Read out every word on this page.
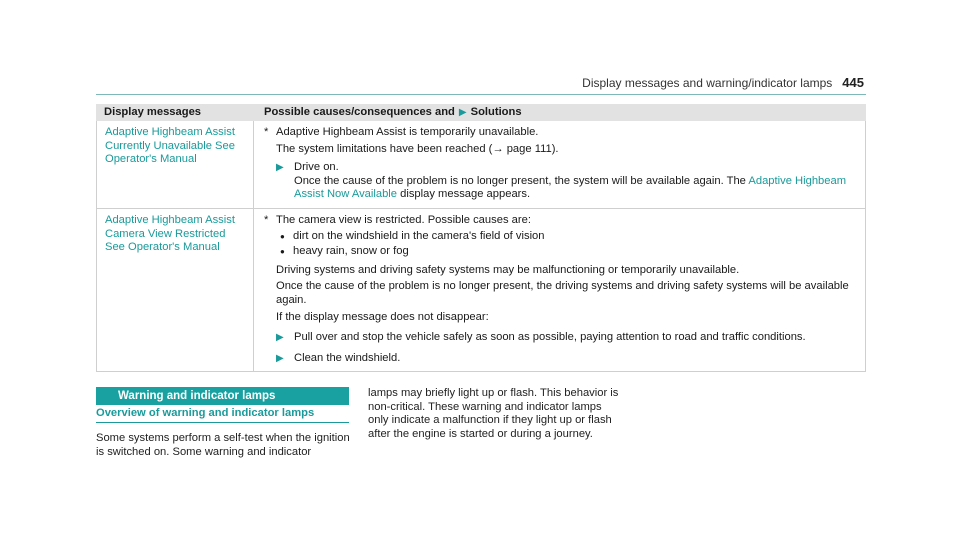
Display messages and warning/indicator lamps 445
Display messages	Possible causes/consequences and ▶ Solutions
Adaptive Highbeam Assist Currently Unavailable See Operator's Manual
* Adaptive Highbeam Assist is temporarily unavailable.
The system limitations have been reached (→ page 111).
▶ Drive on.
Once the cause of the problem is no longer present, the system will be available again. The Adaptive Highbeam Assist Now Available display message appears.
Adaptive Highbeam Assist Camera View Restricted See Operator's Manual
* The camera view is restricted. Possible causes are:
● dirt on the windshield in the camera's field of vision
● heavy rain, snow or fog
Driving systems and driving safety systems may be malfunctioning or temporarily unavailable.
Once the cause of the problem is no longer present, the driving systems and driving safety systems will be available again.
If the display message does not disappear:
▶ Pull over and stop the vehicle safely as soon as possible, paying attention to road and traffic conditions.
▶ Clean the windshield.
Warning and indicator lamps
Overview of warning and indicator lamps
Some systems perform a self-test when the ignition is switched on. Some warning and indicator
lamps may briefly light up or flash. This behavior is non-critical. These warning and indicator lamps only indicate a malfunction if they light up or flash after the engine is started or during a journey.
